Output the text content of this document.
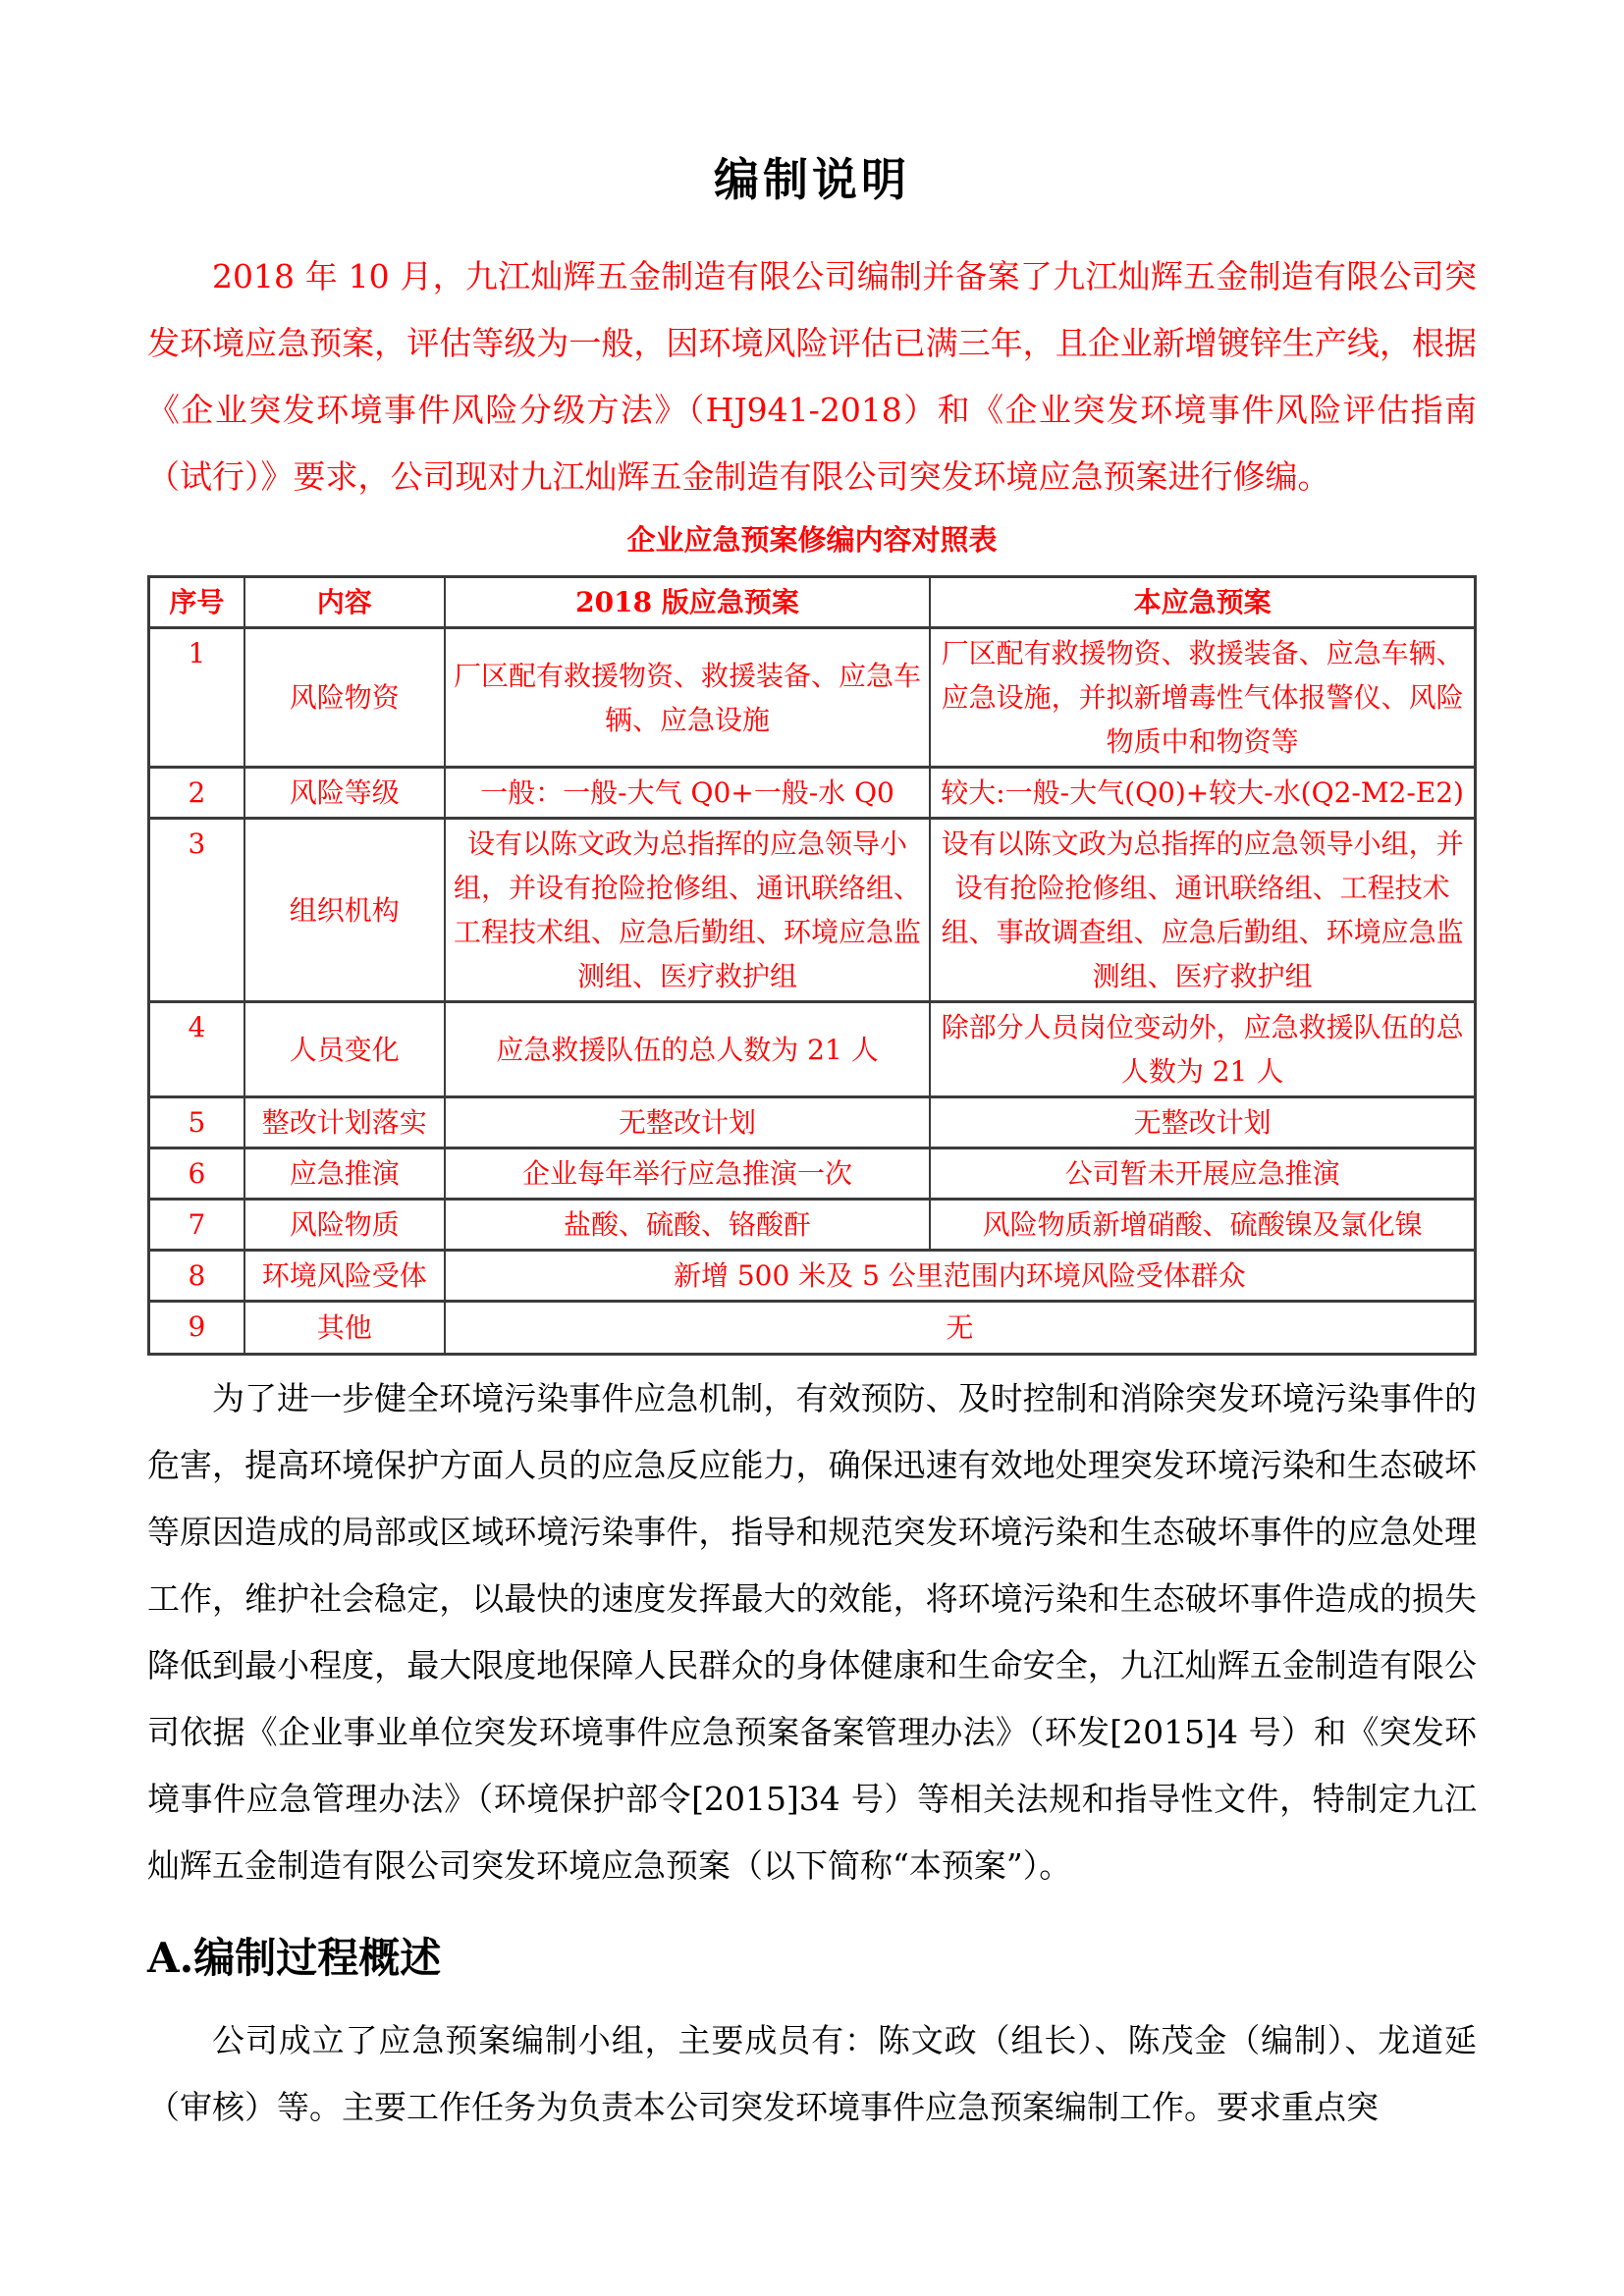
编制说明

2018 年 10 月，九江灿辉五金制造有限公司编制并备案了九江灿辉五金制造有限公司突发环境应急预案，评估等级为一般，因环境风险评估已满三年，且企业新增镀锌生产线，根据《企业突发环境事件风险分级方法》（HJ941-2018）和《企业突发环境事件风险评估指南（试行）》要求，公司现对九江灿辉五金制造有限公司突发环境应急预案进行修编。

企业应急预案修编内容对照表
序号	内容	2018 版应急预案	本应急预案
1	风险物资	厂区配有救援物资、救援装备、应急车辆、应急设施	厂区配有救援物资、救援装备、应急车辆、应急设施，并拟新增毒性气体报警仪、风险物质中和物资等
2	风险等级	一般：一般-大气 Q0+一般-水 Q0	较大:一般-大气(Q0)+较大-水(Q2-M2-E2)
3	组织机构	设有以陈文政为总指挥的应急领导小组，并设有抢险抢修组、通讯联络组、工程技术组、应急后勤组、环境应急监测组、医疗救护组	设有以陈文政为总指挥的应急领导小组，并设有抢险抢修组、通讯联络组、工程技术组、事故调查组、应急后勤组、环境应急监测组、医疗救护组
4	人员变化	应急救援队伍的总人数为 21 人	除部分人员岗位变动外，应急救援队伍的总人数为 21 人
5	整改计划落实	无整改计划	无整改计划
6	应急推演	企业每年举行应急推演一次	公司暂未开展应急推演
7	风险物质	盐酸、硫酸、铬酸酐	风险物质新增硝酸、硫酸镍及氯化镍
8	环境风险受体	新增 500 米及 5 公里范围内环境风险受体群众	
9	其他	无	

为了进一步健全环境污染事件应急机制，有效预防、及时控制和消除突发环境污染事件的危害，提高环境保护方面人员的应急反应能力，确保迅速有效地处理突发环境污染和生态破坏等原因造成的局部或区域环境污染事件，指导和规范突发环境污染和生态破坏事件的应急处理工作，维护社会稳定，以最快的速度发挥最大的效能，将环境污染和生态破坏事件造成的损失降低到最小程度，最大限度地保障人民群众的身体健康和生命安全，九江灿辉五金制造有限公司依据《企业事业单位突发环境事件应急预案备案管理办法》（环发[2015]4 号）和《突发环境事件应急管理办法》（环境保护部令[2015]34 号）等相关法规和指导性文件，特制定九江灿辉五金制造有限公司突发环境应急预案（以下简称“本预案”）。

A.编制过程概述

公司成立了应急预案编制小组，主要成员有：陈文政（组长）、陈茂金（编制）、龙道延（审核）等。主要工作任务为负责本公司突发环境事件应急预案编制工作。要求重点突
